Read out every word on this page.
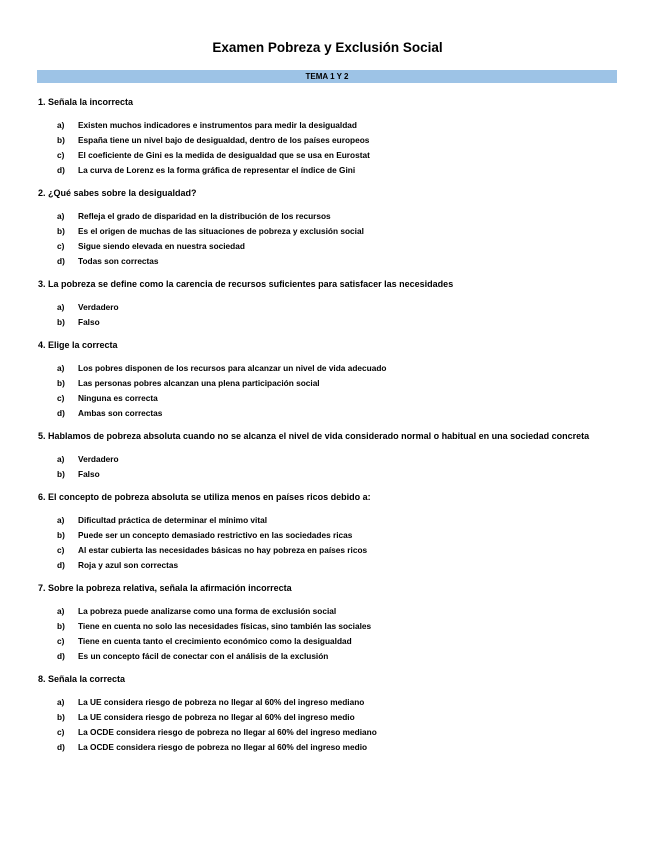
Examen Pobreza y Exclusión Social
TEMA 1 Y 2

1. Señala la incorrecta

a) Existen muchos indicadores e instrumentos para medir la desigualdad
b) España tiene un nivel bajo de desigualdad, dentro de los países europeos
c) El coeficiente de Gini es la medida de desigualdad que se usa en Eurostat
d) La curva de Lorenz es la forma gráfica de representar el índice de Gini

2. ¿Qué sabes sobre la desigualdad?

a) Refleja el grado de disparidad en la distribución de los recursos
b) Es el origen de muchas de las situaciones de pobreza y exclusión social
c) Sigue siendo elevada en nuestra sociedad
d) Todas son correctas

3. La pobreza se define como la carencia de recursos suficientes para satisfacer las necesidades

a) Verdadero
b) Falso

4. Elige la correcta

a) Los pobres disponen de los recursos para alcanzar un nivel de vida adecuado
b) Las personas pobres alcanzan una plena participación social
c) Ninguna es correcta
d) Ambas son correctas

5. Hablamos de pobreza absoluta cuando no se alcanza el nivel de vida considerado normal o habitual en una sociedad concreta

a) Verdadero
b) Falso

6. El concepto de pobreza absoluta se utiliza menos en países ricos debido a:

a) Dificultad práctica de determinar el mínimo vital
b) Puede ser un concepto demasiado restrictivo en las sociedades ricas
c) Al estar cubierta las necesidades básicas no hay pobreza en países ricos
d) Roja y azul son correctas

7. Sobre la pobreza relativa, señala la afirmación incorrecta

a) La pobreza puede analizarse como una forma de exclusión social
b) Tiene en cuenta no solo las necesidades físicas, sino también las sociales
c) Tiene en cuenta tanto el crecimiento económico como la desigualdad
d) Es un concepto fácil de conectar con el análisis de la exclusión

8. Señala la correcta

a) La UE considera riesgo de pobreza no llegar al 60% del ingreso mediano
b) La UE considera riesgo de pobreza no llegar al 60% del ingreso medio
c) La OCDE considera riesgo de pobreza no llegar al 60% del ingreso mediano
d) La OCDE considera riesgo de pobreza no llegar al 60% del ingreso medio
